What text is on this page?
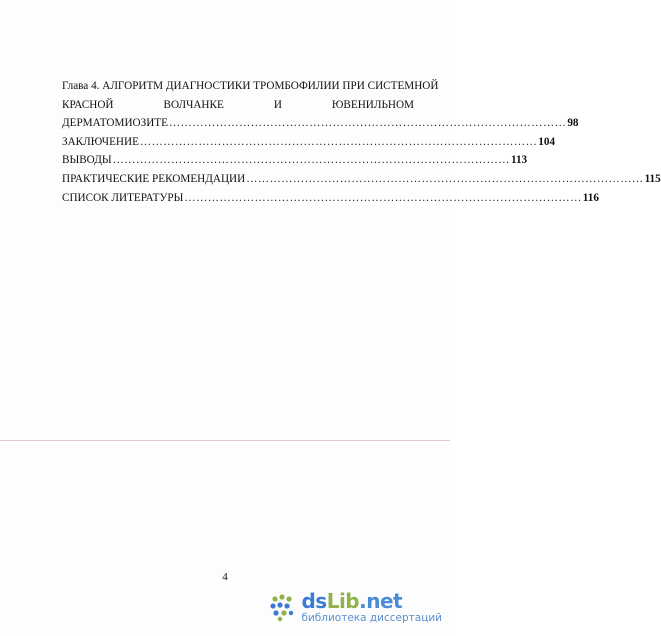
Глава 4. АЛГОРИТМ ДИАГНОСТИКИ ТРОМБОФИЛИИ ПРИ СИСТЕМНОЙ
КРАСНОЙ	ВОЛЧАНКЕ	И	ЮВЕНИЛЬНОМ
ДЕРМАТОМИОЗИТЕ ………………………………………………………………………………………… 98
ЗАКЛЮЧЕНИЕ ………………………………………………………………………………………… 104
ВЫВОДЫ ………………………………………………………………………………………… 113
ПРАКТИЧЕСКИЕ РЕКОМЕНДАЦИИ ………………………………………………………………………………………… 115
СПИСОК ЛИТЕРАТУРЫ ………………………………………………………………………………………… 116
4
dsLib.net
библиотека диссертаций
